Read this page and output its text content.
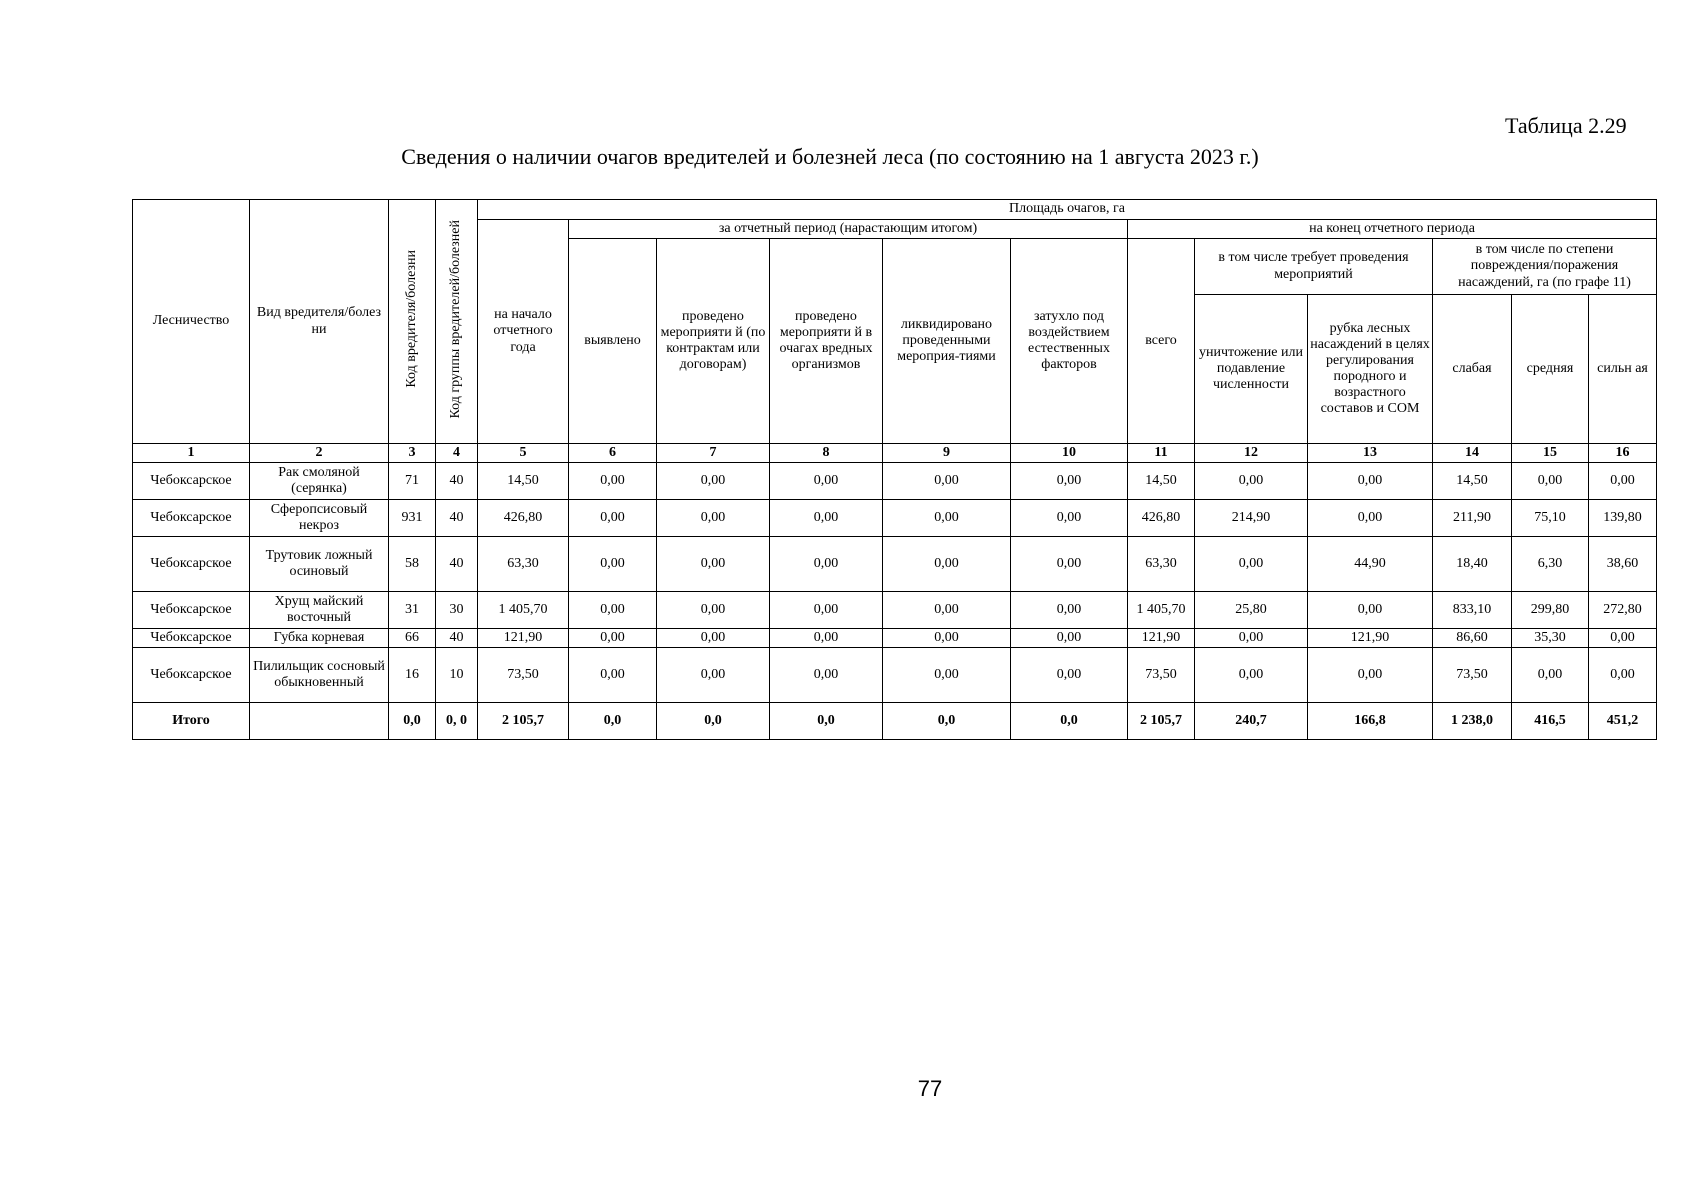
Таблица 2.29
Сведения о наличии очагов вредителей и болезней леса (по состоянию на 1 августа 2023 г.)
Лесничество	Вид вредителя/болез ни	Код вредителя/болезни	Код группы вредителей/болезней	Площадь очагов, га											
				на начало отчетного года	за отчетный период (нарастающим итогом)					на конец отчетного периода					
					выявлено	проведено мероприяти й (по контрактам или договорам)	проведено мероприяти й в очагах вредных организмов	ликвидировано проведенными мероприя-тиями	затухло под воздействием естественных факторов	всего	в том числе требует проведения мероприятий		в том числе по степени повреждения/поражения насаждений, га (по графе 11)		
											уничтожение или подавление численности	рубка лесных насаждений в целях регулирования породного и возрастного составов и СОМ	слабая	средняя	сильн ая
1	2	3	4	5	6	7	8	9	10	11	12	13	14	15	16
Чебоксарское	Рак смоляной (серянка)	71	40	14,50	0,00	0,00	0,00	0,00	0,00	14,50	0,00	0,00	14,50	0,00	0,00
Чебоксарское	Сферопсисовый некроз	931	40	426,80	0,00	0,00	0,00	0,00	0,00	426,80	214,90	0,00	211,90	75,10	139,80
Чебоксарское	Трутовик ложный осиновый	58	40	63,30	0,00	0,00	0,00	0,00	0,00	63,30	0,00	44,90	18,40	6,30	38,60
Чебоксарское	Хрущ майский восточный	31	30	1 405,70	0,00	0,00	0,00	0,00	0,00	1 405,70	25,80	0,00	833,10	299,80	272,80
Чебоксарское	Губка корневая	66	40	121,90	0,00	0,00	0,00	0,00	0,00	121,90	0,00	121,90	86,60	35,30	0,00
Чебоксарское	Пилильщик сосновый обыкновенный	16	10	73,50	0,00	0,00	0,00	0,00	0,00	73,50	0,00	0,00	73,50	0,00	0,00
Итого		0,0	0, 0	2 105,7	0,0	0,0	0,0	0,0	0,0	2 105,7	240,7	166,8	1 238,0	416,5	451,2
77
